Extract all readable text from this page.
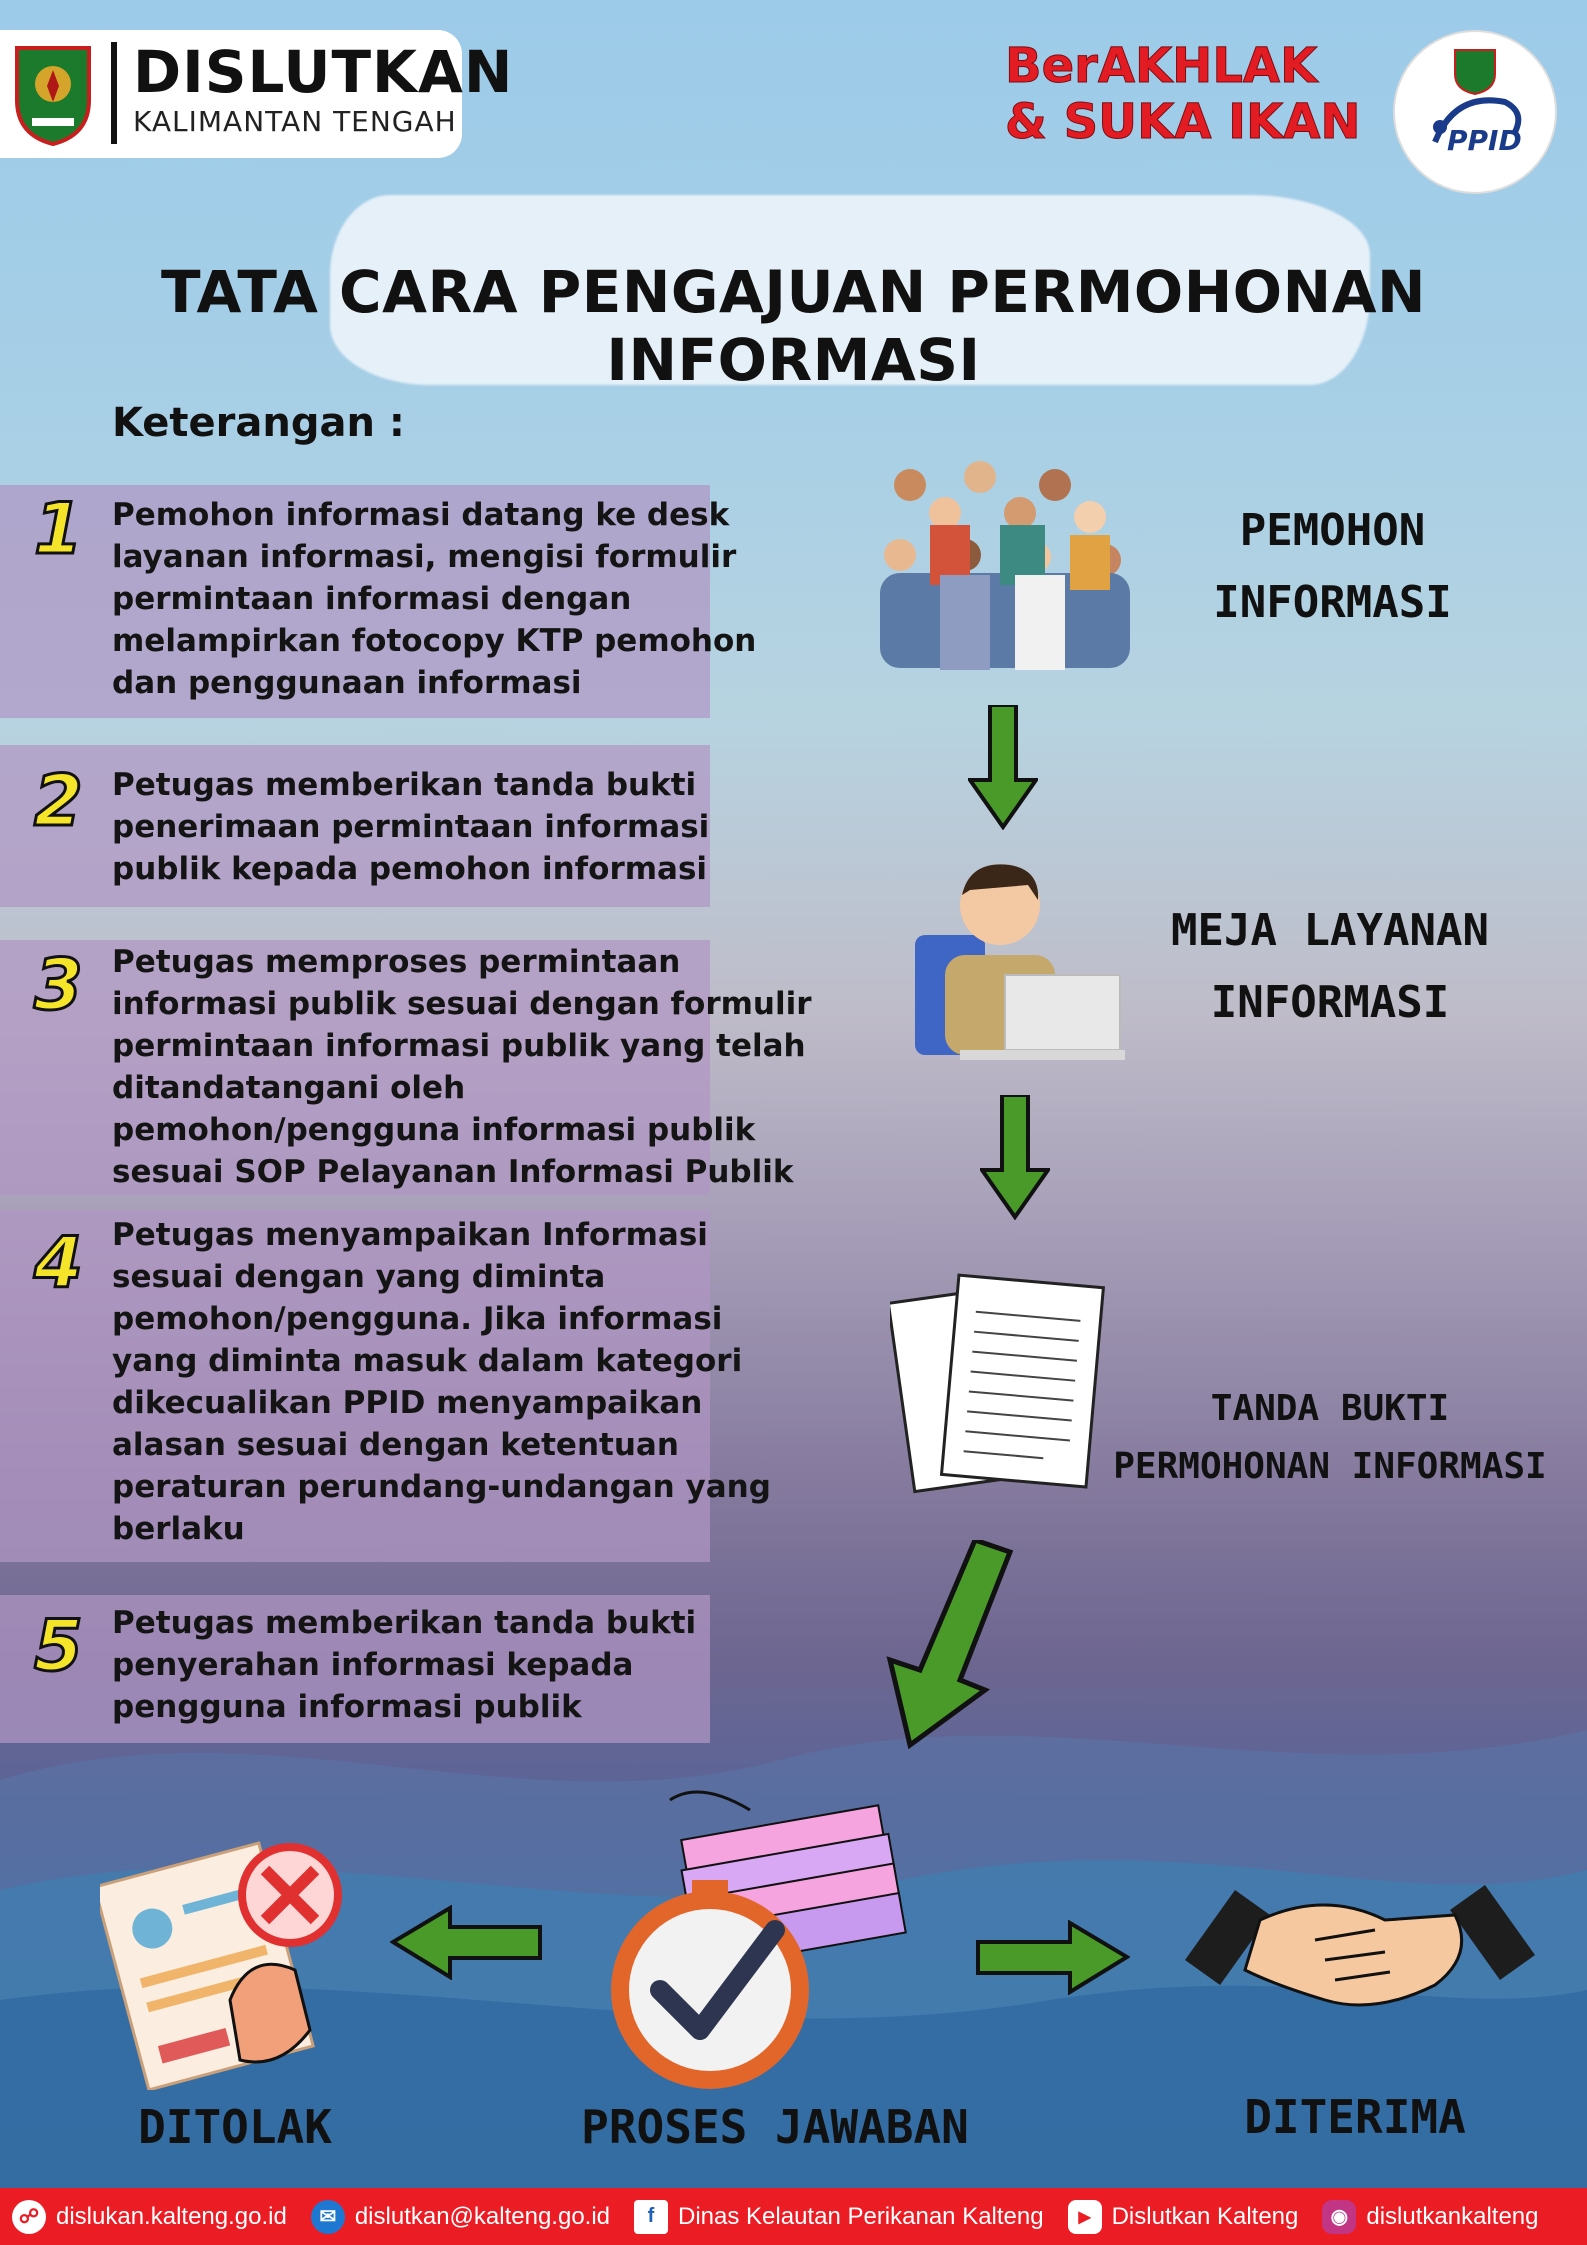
DISLUTKAN
KALIMANTAN TENGAH
BerAKHLAK
& SUKA IKAN	PPID
TATA CARA PENGAJUAN PERMOHONAN INFORMASI
Keterangan :
1 Pemohon informasi datang ke desk
layanan informasi, mengisi formulir
permintaan informasi dengan
melampirkan fotocopy KTP pemohon
dan penggunaan informasi
2 Petugas memberikan tanda bukti
penerimaan permintaan informasi
publik kepada pemohon informasi
3 Petugas memproses permintaan
informasi publik sesuai dengan formulir
permintaan informasi publik yang telah
ditandatangani oleh
pemohon/pengguna informasi publik
sesuai SOP Pelayanan Informasi Publik
4 Petugas menyampaikan Informasi
sesuai dengan yang diminta
pemohon/pengguna. Jika informasi
yang diminta masuk dalam kategori
dikecualikan PPID menyampaikan
alasan sesuai dengan ketentuan
peraturan perundang-undangan yang
berlaku
5 Petugas memberikan tanda bukti
penyerahan informasi kepada
pengguna informasi publik
PEMOHON
INFORMASI
MEJA LAYANAN
INFORMASI
TANDA BUKTI
PERMOHONAN INFORMASI
DITOLAK	PROSES JAWABAN	DITERIMA
☍ dislukan.kalteng.go.id	✉ dislutkan@kalteng.go.id	f Dinas Kelautan Perikanan Kalteng	▶ Dislutkan Kalteng	◉ dislutkankalteng
